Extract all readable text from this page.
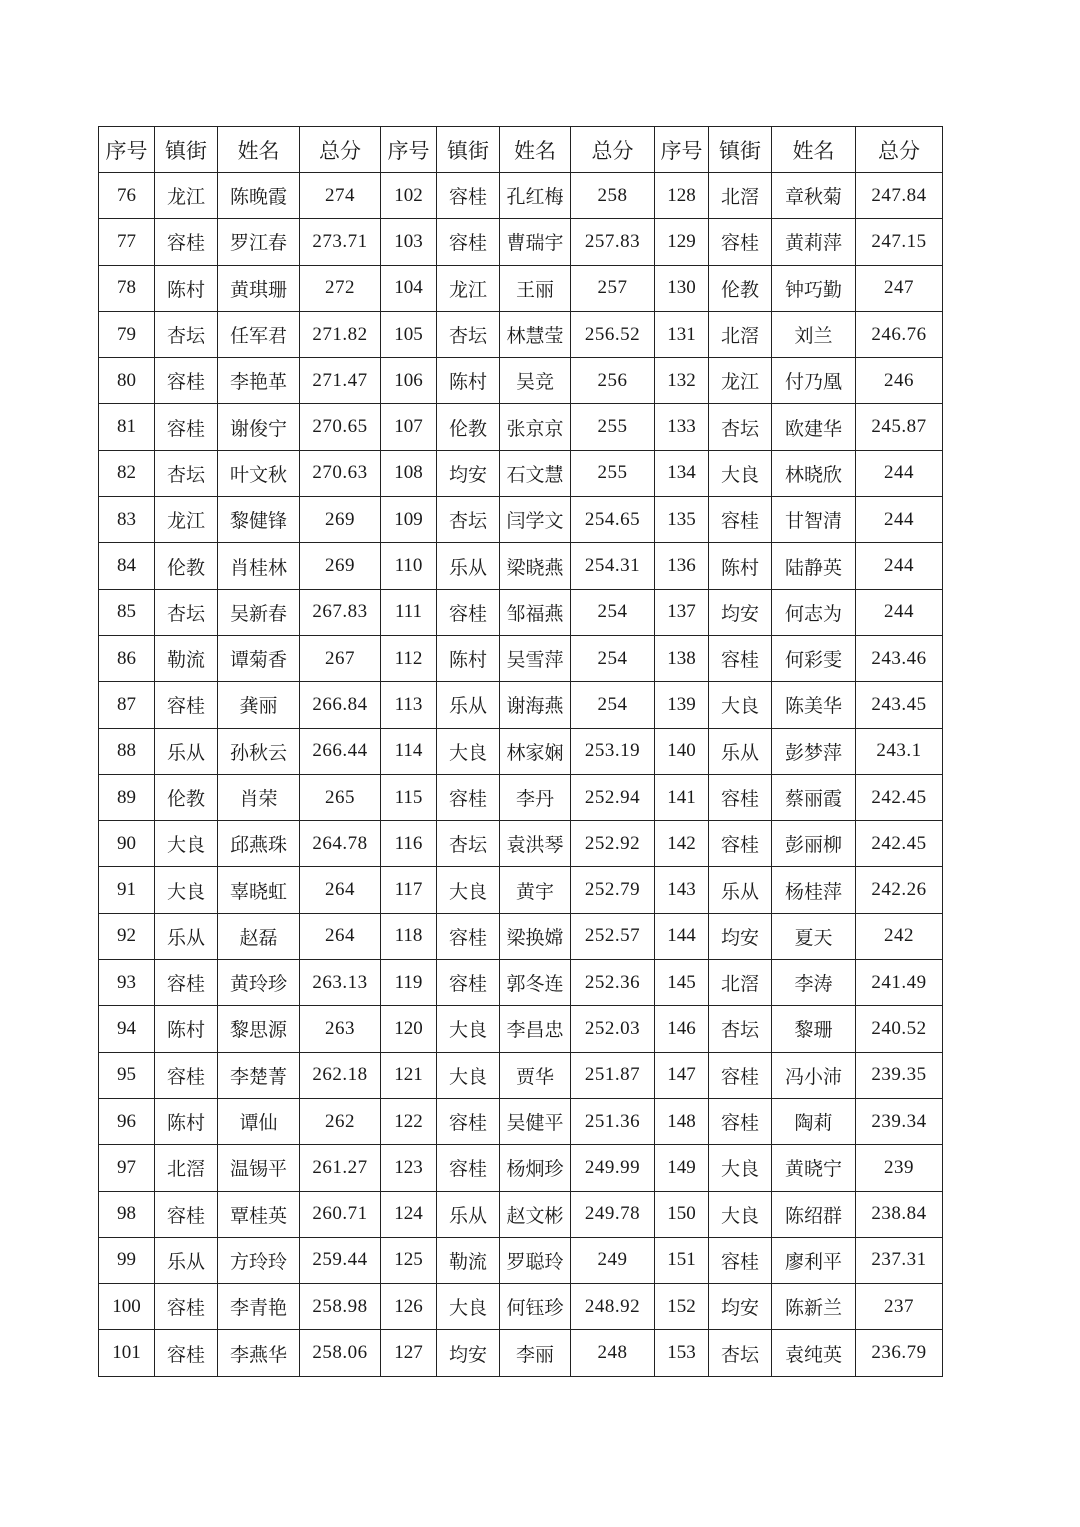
序号	镇街	姓名	总分	序号	镇街	姓名	总分	序号	镇街	姓名	总分
76	龙江	陈晚霞	274	102	容桂	孔红梅	258	128	北滘	章秋菊	247.84
77	容桂	罗江春	273.71	103	容桂	曹瑞宇	257.83	129	容桂	黄莉萍	247.15
78	陈村	黄琪珊	272	104	龙江	王丽	257	130	伦教	钟巧勤	247
79	杏坛	任军君	271.82	105	杏坛	林慧莹	256.52	131	北滘	刘兰	246.76
80	容桂	李艳革	271.47	106	陈村	吴竞	256	132	龙江	付乃凰	246
81	容桂	谢俊宁	270.65	107	伦教	张京京	255	133	杏坛	欧建华	245.87
82	杏坛	叶文秋	270.63	108	均安	石文慧	255	134	大良	林晓欣	244
83	龙江	黎健锋	269	109	杏坛	闫学文	254.65	135	容桂	甘智清	244
84	伦教	肖桂林	269	110	乐从	梁晓燕	254.31	136	陈村	陆静英	244
85	杏坛	吴新春	267.83	111	容桂	邹福燕	254	137	均安	何志为	244
86	勒流	谭菊香	267	112	陈村	吴雪萍	254	138	容桂	何彩雯	243.46
87	容桂	龚丽	266.84	113	乐从	谢海燕	254	139	大良	陈美华	243.45
88	乐从	孙秋云	266.44	114	大良	林家娴	253.19	140	乐从	彭梦萍	243.1
89	伦教	肖荣	265	115	容桂	李丹	252.94	141	容桂	蔡丽霞	242.45
90	大良	邱燕珠	264.78	116	杏坛	袁洪琴	252.92	142	容桂	彭丽柳	242.45
91	大良	辜晓虹	264	117	大良	黄宇	252.79	143	乐从	杨桂萍	242.26
92	乐从	赵磊	264	118	容桂	梁换嫦	252.57	144	均安	夏天	242
93	容桂	黄玲珍	263.13	119	容桂	郭冬连	252.36	145	北滘	李涛	241.49
94	陈村	黎思源	263	120	大良	李昌忠	252.03	146	杏坛	黎珊	240.52
95	容桂	李楚菁	262.18	121	大良	贾华	251.87	147	容桂	冯小沛	239.35
96	陈村	谭仙	262	122	容桂	吴健平	251.36	148	容桂	陶莉	239.34
97	北滘	温锡平	261.27	123	容桂	杨炯珍	249.99	149	大良	黄晓宁	239
98	容桂	覃桂英	260.71	124	乐从	赵文彬	249.78	150	大良	陈绍群	238.84
99	乐从	方玲玲	259.44	125	勒流	罗聪玲	249	151	容桂	廖利平	237.31
100	容桂	李青艳	258.98	126	大良	何钰珍	248.92	152	均安	陈新兰	237
101	容桂	李燕华	258.06	127	均安	李丽	248	153	杏坛	袁纯英	236.79
